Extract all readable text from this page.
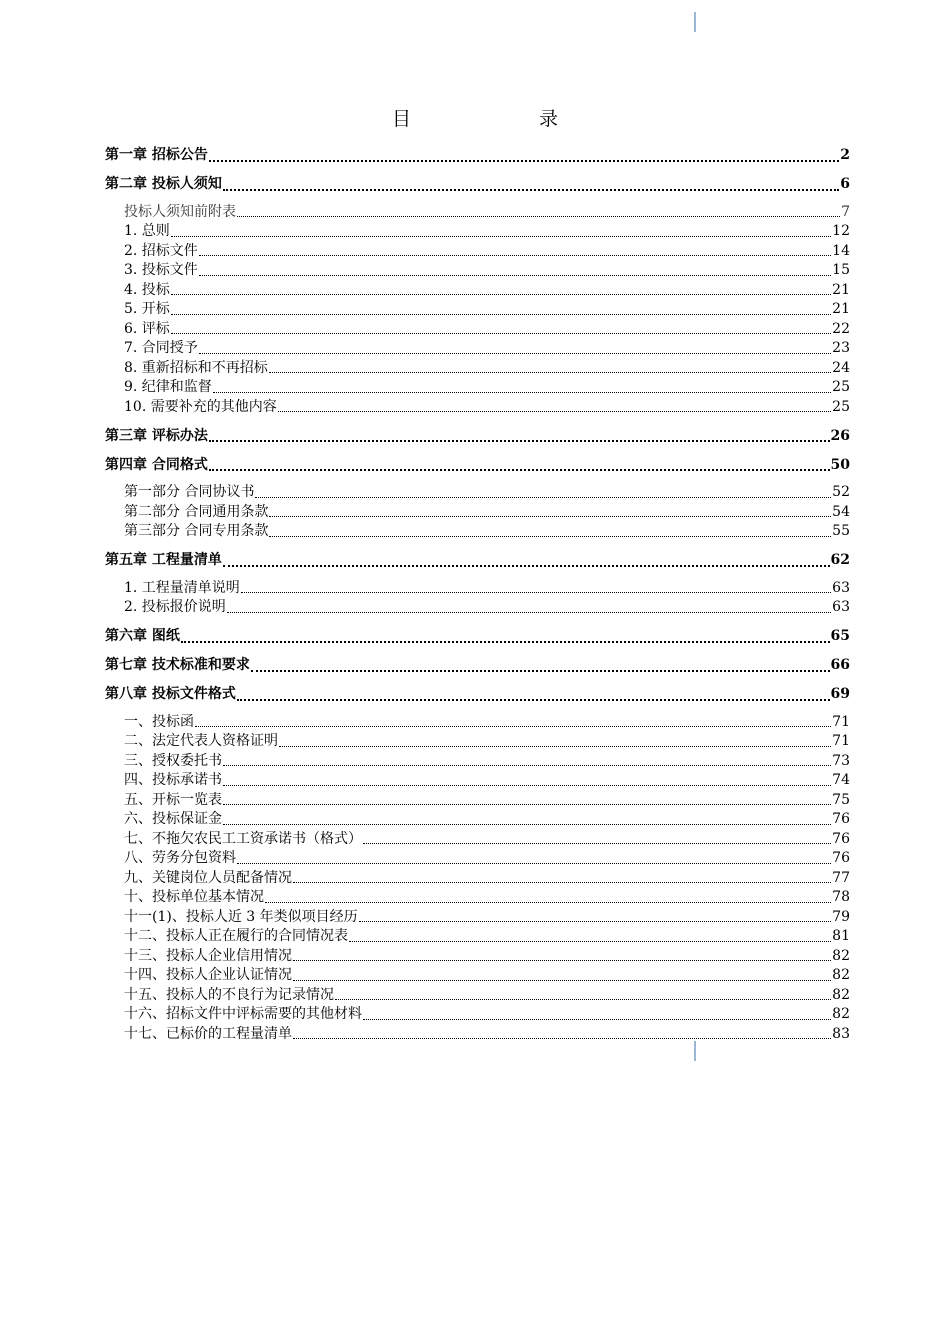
目　　录
第一章 招标公告	2
第二章 投标人须知	6
投标人须知前附表	7
1. 总则	12
2. 招标文件	14
3. 投标文件	15
4. 投标	21
5. 开标	21
6. 评标	22
7. 合同授予	23
8. 重新招标和不再招标	24
9. 纪律和监督	25
10. 需要补充的其他内容	25
第三章 评标办法	26
第四章 合同格式	50
第一部分 合同协议书	52
第二部分 合同通用条款	54
第三部分 合同专用条款	55
第五章 工程量清单	62
1. 工程量清单说明	63
2. 投标报价说明	63
第六章 图纸	65
第七章 技术标准和要求	66
第八章 投标文件格式	69
一、投标函	71
二、法定代表人资格证明	71
三、授权委托书	73
四、投标承诺书	74
五、开标一览表	75
六、投标保证金	76
七、不拖欠农民工工资承诺书（格式）	76
八、劳务分包资料	76
九、关键岗位人员配备情况	77
十、投标单位基本情况	78
十一(1)、投标人近 3 年类似项目经历	79
十二、投标人正在履行的合同情况表	81
十三、投标人企业信用情况	82
十四、投标人企业认证情况	82
十五、投标人的不良行为记录情况	82
十六、招标文件中评标需要的其他材料	82
十七、已标价的工程量清单	83
